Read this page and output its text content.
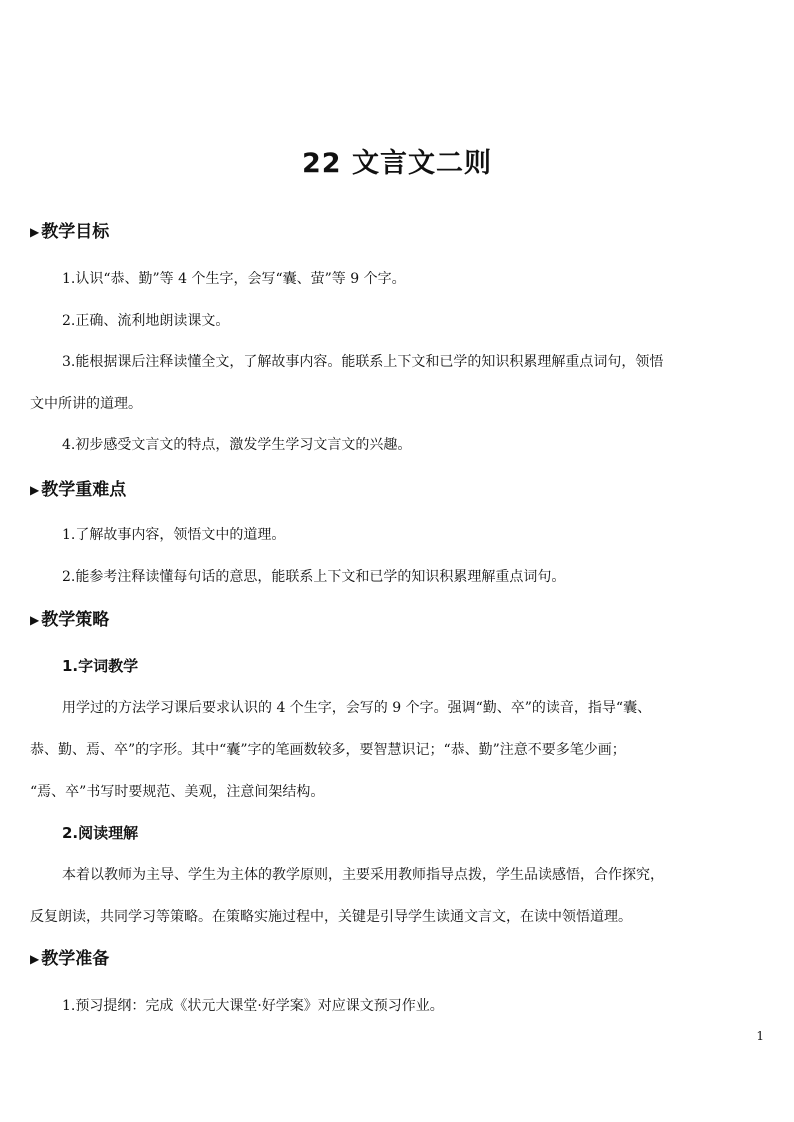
22 文言文二则
▶ 教学目标
1.认识“恭、勤”等 4 个生字，会写“囊、萤”等 9 个字。
2.正确、流利地朗读课文。
3.能根据课后注释读懂全文，了解故事内容。能联系上下文和已学的知识积累理解重点词句，领悟
文中所讲的道理。
4.初步感受文言文的特点，激发学生学习文言文的兴趣。
▶ 教学重难点
1.了解故事内容，领悟文中的道理。
2.能参考注释读懂每句话的意思，能联系上下文和已学的知识积累理解重点词句。
▶ 教学策略
1.字词教学
用学过的方法学习课后要求认识的 4 个生字，会写的 9 个字。强调“勤、卒”的读音，指导“囊、
恭、勤、焉、卒”的字形。其中“囊”字的笔画数较多，要智慧识记；“恭、勤”注意不要多笔少画；
“焉、卒”书写时要规范、美观，注意间架结构。
2.阅读理解
本着以教师为主导、学生为主体的教学原则，主要采用教师指导点拨，学生品读感悟，合作探究，
反复朗读，共同学习等策略。在策略实施过程中，关键是引导学生读通文言文，在读中领悟道理。
▶ 教学准备
1.预习提纲：完成《状元大课堂·好学案》对应课文预习作业。
1
